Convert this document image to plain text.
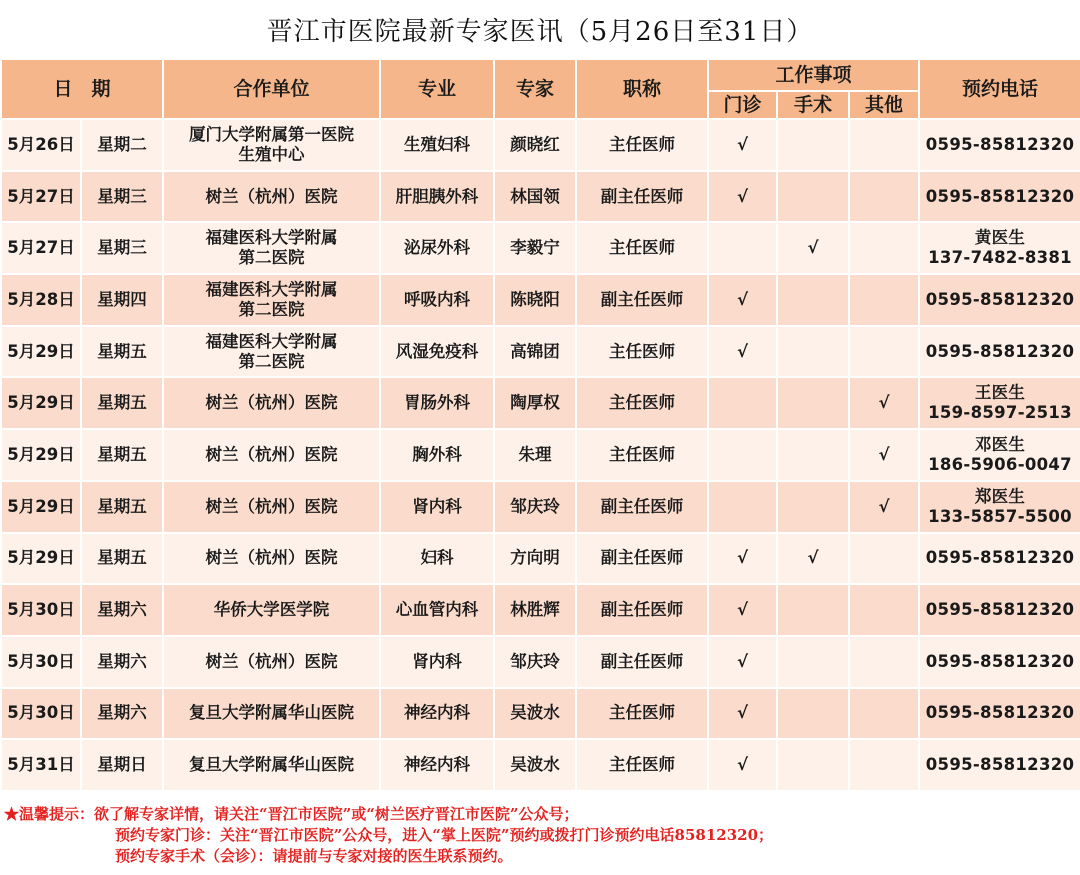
晋江市医院最新专家医讯（5月26日至31日）
日　期		合作单位	专业	专家	职称	工作事项			预约电话
						门诊	手术	其他	
5月26日	星期二	厦门大学附属第一医院
生殖中心	生殖妇科	颜晓红	主任医师	√			0595-85812320

5月27日	星期三	树兰（杭州）医院	肝胆胰外科	林国领	副主任医师	√			0595-85812320

5月27日	星期三	福建医科大学附属
第二医院	泌尿外科	李毅宁	主任医师		√		黄医生
137-7482-8381

5月28日	星期四	福建医科大学附属
第二医院	呼吸内科	陈晓阳	副主任医师	√			0595-85812320

5月29日	星期五	福建医科大学附属
第二医院	风湿免疫科	高锦团	主任医师	√			0595-85812320

5月29日	星期五	树兰（杭州）医院	胃肠外科	陶厚权	主任医师			√	王医生
159-8597-2513

5月29日	星期五	树兰（杭州）医院	胸外科	朱理	主任医师			√	邓医生
186-5906-0047

5月29日	星期五	树兰（杭州）医院	肾内科	邹庆玲	副主任医师			√	郑医生
133-5857-5500

5月29日	星期五	树兰（杭州）医院	妇科	方向明	副主任医师	√	√		0595-85812320

5月30日	星期六	华侨大学医学院	心血管内科	林胜辉	副主任医师	√			0595-85812320

5月30日	星期六	树兰（杭州）医院	肾内科	邹庆玲	副主任医师	√			0595-85812320

5月30日	星期六	复旦大学附属华山医院	神经内科	吴波水	主任医师	√			0595-85812320

5月31日	星期日	复旦大学附属华山医院	神经内科	吴波水	主任医师	√			0595-85812320
★温馨提示：欲了解专家详情，请关注“晋江市医院”或“树兰医疗晋江市医院”公众号；
预约专家门诊：关注“晋江市医院”公众号，进入“掌上医院”预约或拨打门诊预约电话85812320；
预约专家手术（会诊）：请提前与专家对接的医生联系预约。
